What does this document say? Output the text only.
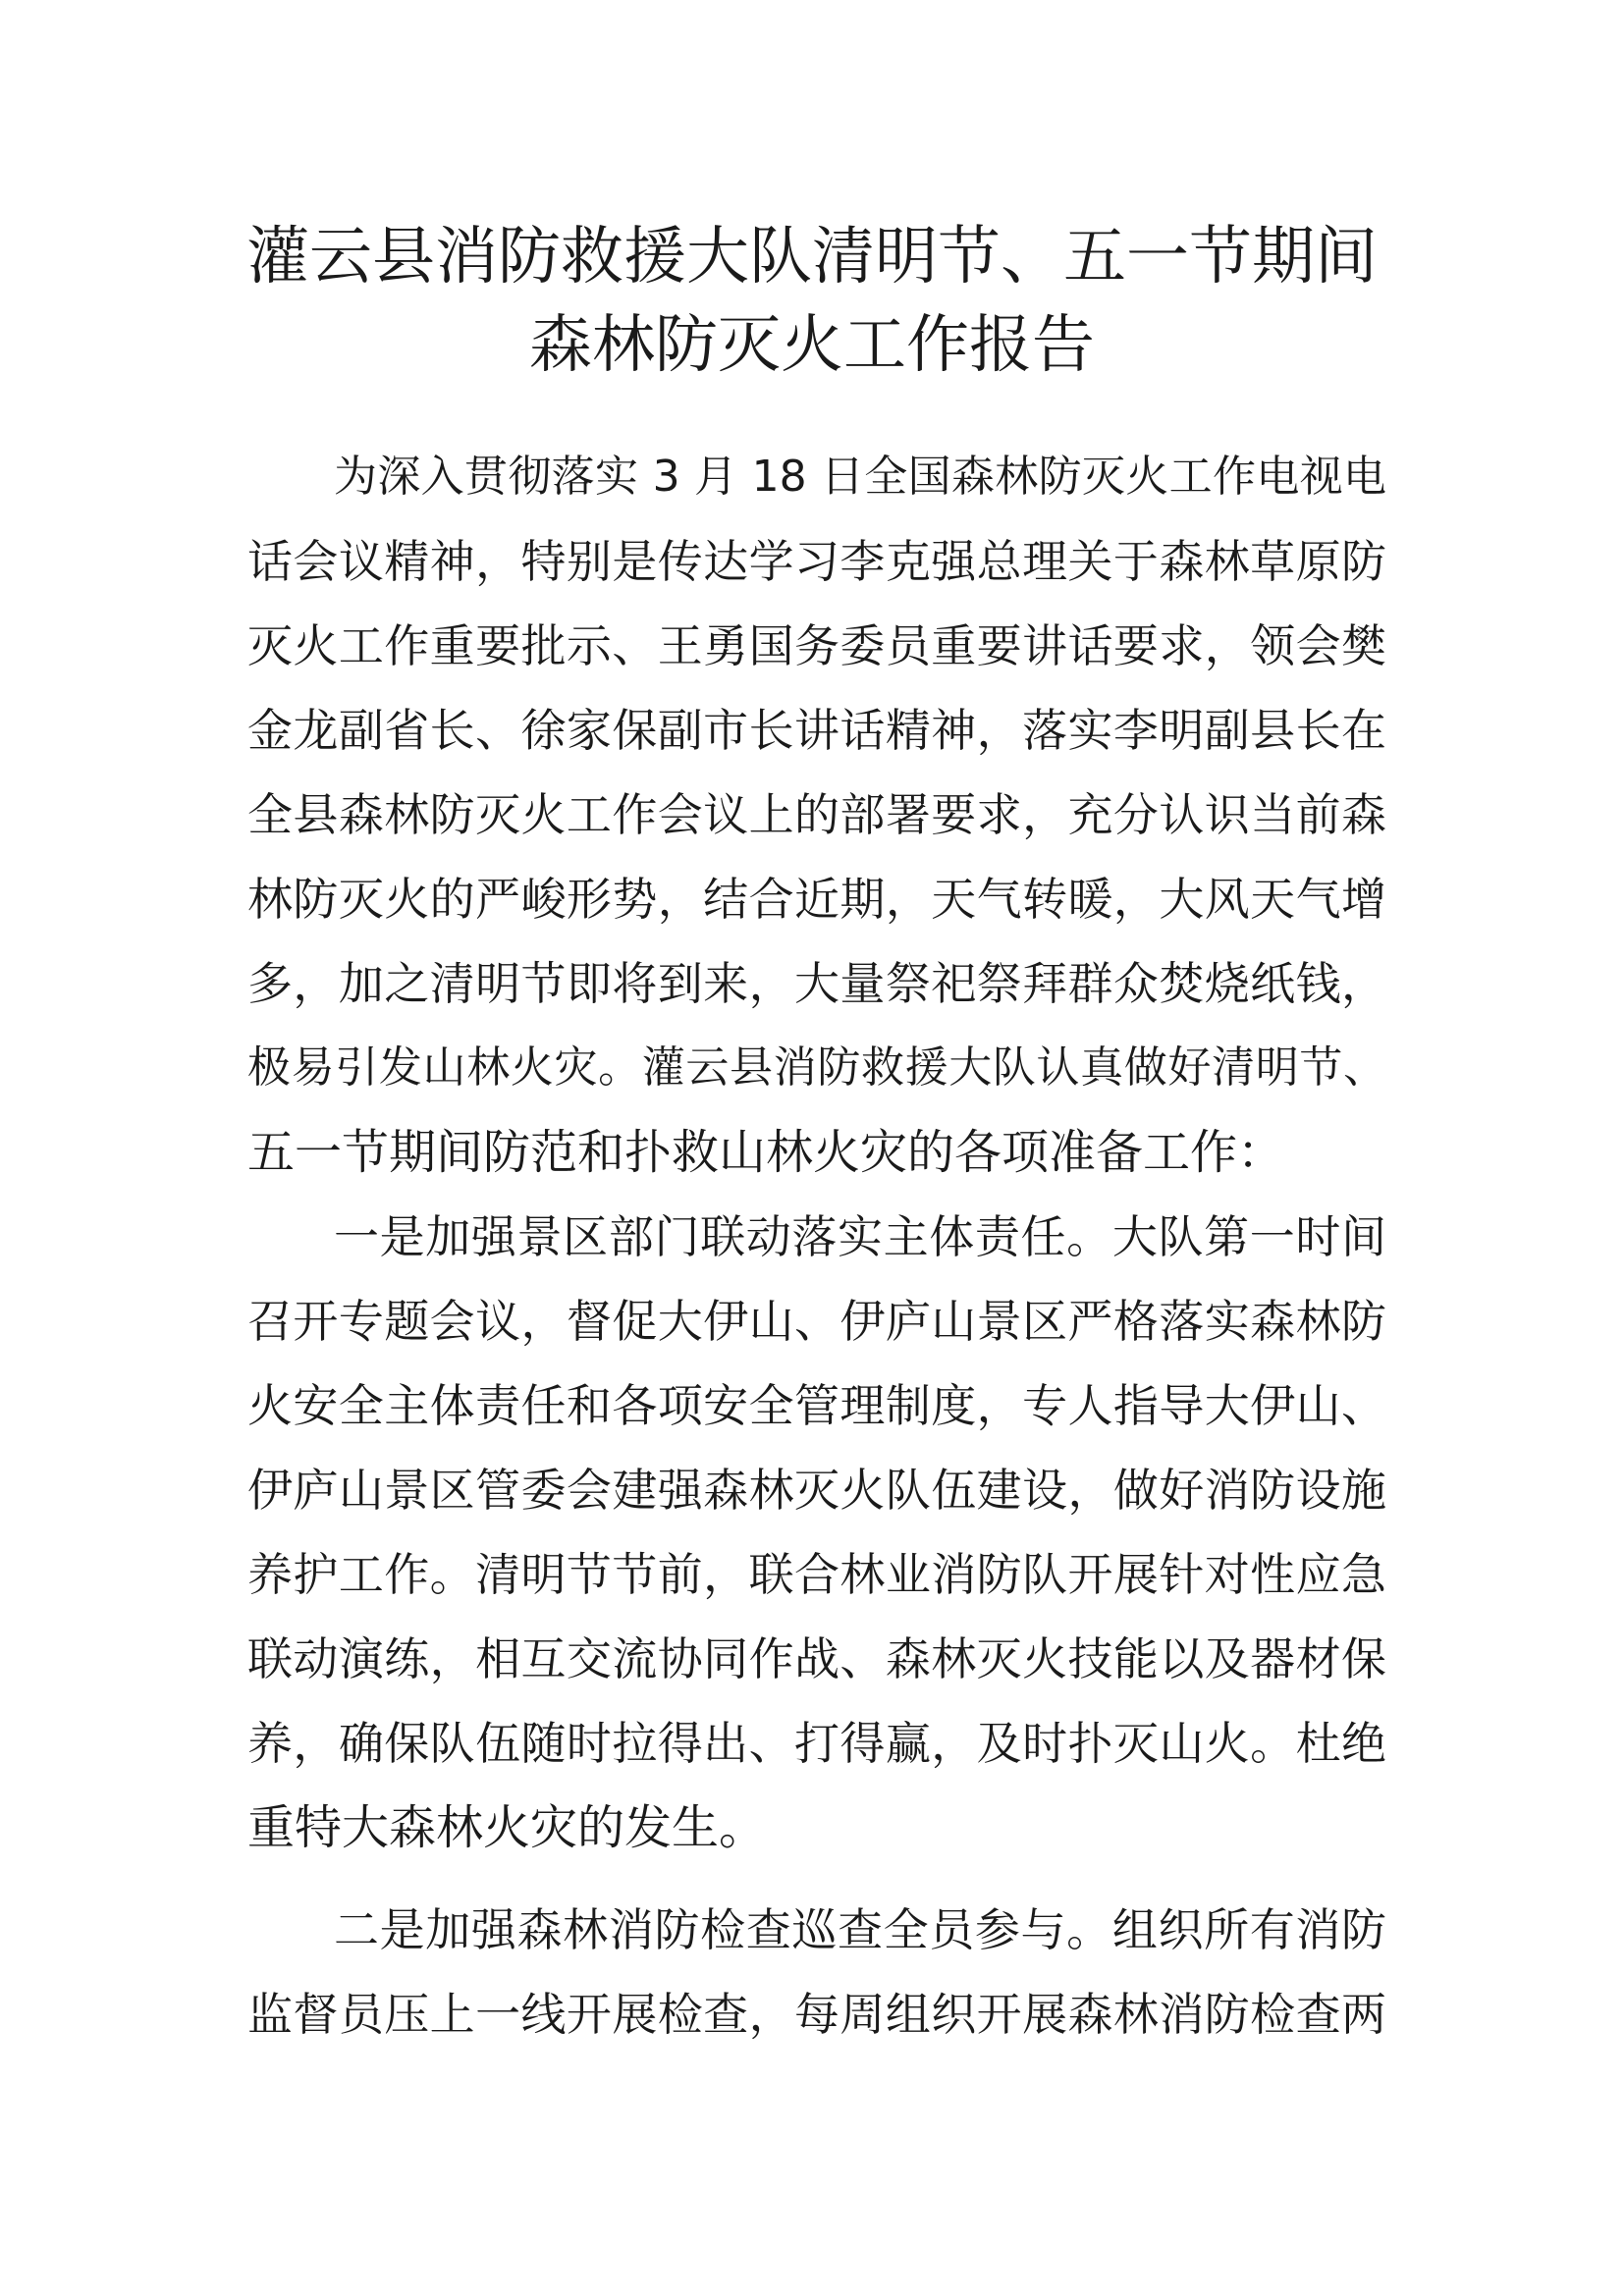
灌云县消防救援大队清明节、五一节期间
森林防灭火工作报告

为深入贯彻落实 3 月 18 日全国森林防灭火工作电视电

话会议精神，特别是传达学习李克强总理关于森林草原防

灭火工作重要批示、王勇国务委员重要讲话要求，领会樊

金龙副省长、徐家保副市长讲话精神，落实李明副县长在

全县森林防灭火工作会议上的部署要求，充分认识当前森

林防灭火的严峻形势，结合近期，天气转暖，大风天气增

多，加之清明节即将到来，大量祭祀祭拜群众焚烧纸钱，

极易引发山林火灾。灌云县消防救援大队认真做好清明节、

五一节期间防范和扑救山林火灾的各项准备工作：

一是加强景区部门联动落实主体责任。大队第一时间

召开专题会议，督促大伊山、伊庐山景区严格落实森林防

火安全主体责任和各项安全管理制度，专人指导大伊山、

伊庐山景区管委会建强森林灭火队伍建设，做好消防设施

养护工作。清明节节前，联合林业消防队开展针对性应急

联动演练，相互交流协同作战、森林灭火技能以及器材保

养，确保队伍随时拉得出、打得赢，及时扑灭山火。杜绝

重特大森林火灾的发生。

二是加强森林消防检查巡查全员参与。组织所有消防

监督员压上一线开展检查，每周组织开展森林消防检查两
